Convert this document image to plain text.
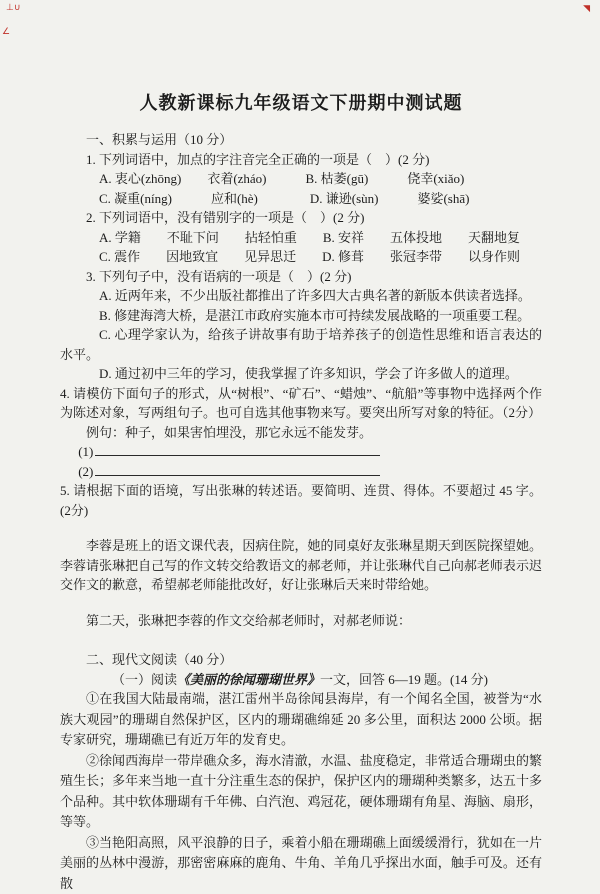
⊥∪	◥
∠
人教新课标九年级语文下册期中测试题

一、积累与运用（10 分）

1. 下列词语中，加点的字注音完全正确的一项是（　）(2 分)

A. 衷心(zhōng)　　衣着(zháo)　　　B. 枯萎(gū)　　　侥幸(xiǎo)

C. 凝重(níng)　　　应和(hè)　　　　D. 谦逊(sùn)　　　婆娑(shā)

2. 下列词语中，没有错别字的一项是（　）(2 分)

A. 学籍　　不耻下问　　拈轻怕重　　B. 安祥　　五体投地　　天翻地复

C. 震作　　因地致宜　　见异思迁　　D. 修葺　　张冠李带　　以身作则

3. 下列句子中，没有语病的一项是（　）(2 分)

A. 近两年来，不少出版社都推出了许多四大古典名著的新版本供读者选择。

B. 修建海湾大桥，是湛江市政府实施本市可持续发展战略的一项重要工程。

C. 心理学家认为，给孩子讲故事有助于培养孩子的创造性思维和语言表达的水平。

D. 通过初中三年的学习，使我掌握了许多知识，学会了许多做人的道理。

4. 请模仿下面句子的形式，从“树根”、“矿石”、“蜡烛”、“航船”等事物中选择两个作为陈述对象，写两组句子。也可自选其他事物来写。要突出所写对象的特征。（2分）

例句：种子，如果害怕埋没，那它永远不能发芽。

(1)

(2)

5. 请根据下面的语境，写出张琳的转述语。要简明、连贯、得体。不要超过 45 字。(2分)

李蓉是班上的语文课代表，因病住院，她的同桌好友张琳星期天到医院探望她。李蓉请张琳把自己写的作文转交给教语文的郝老师，并让张琳代自己向郝老师表示迟交作文的歉意，希望郝老师能批改好，好让张琳后天来时带给她。

第二天，张琳把李蓉的作文交给郝老师时，对郝老师说：

二、现代文阅读（40 分）

（一）阅读《美丽的徐闻珊瑚世界》一文，回答 6—19 题。(14 分)

①在我国大陆最南端，湛江雷州半岛徐闻县海岸，有一个闻名全国，被誉为“水族大观园”的珊瑚自然保护区，区内的珊瑚礁绵延 20 多公里，面积达 2000 公顷。据专家研究，珊瑚礁已有近万年的发育史。

②徐闻西海岸一带岸礁众多，海水清澈，水温、盐度稳定，非常适合珊瑚虫的繁殖生长；多年来当地一直十分注重生态的保护，保护区内的珊瑚种类繁多，达五十多个品种。其中软体珊瑚有千年佛、白汽泡、鸡冠花，硬体珊瑚有角星、海脑、扇形，等等。

③当艳阳高照，风平浪静的日子，乘着小船在珊瑚礁上面缓缓滑行，犹如在一片美丽的丛林中漫游，那密密麻麻的鹿角、牛角、羊角几乎探出水面，触手可及。还有散
